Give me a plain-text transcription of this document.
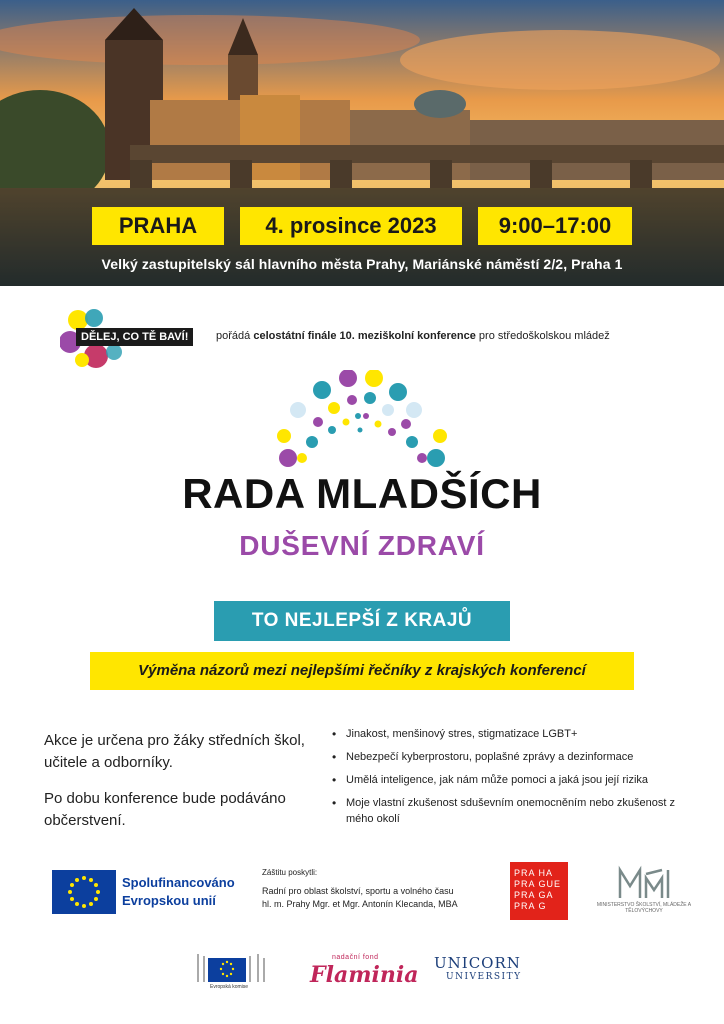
PRAHA	4. prosince 2023	9:00–17:00
Velký zastupitelský sál hlavního města Prahy, Mariánské náměstí 2/2, Praha 1
DĚLEJ, CO TĚ BAVÍ!	pořádá celostátní finále 10. meziškolní konference pro středoškolskou mládež
RADA MLADŠÍCH
DUŠEVNÍ ZDRAVÍ
TO NEJLEPŠÍ Z KRAJŮ
Výměna názorů mezi nejlepšími řečníky z krajských konferencí

Akce je určena pro žáky středních škol, učitele a odborníky.

Po dobu konference bude podáváno občerstvení.

• Jinakost, menšinový stres, stigmatizace LGBT+
• Nebezpečí kyberprostoru, poplašné zprávy a dezinformace
• Umělá inteligence, jak nám může pomoci a jaká jsou její rizika
• Moje vlastní zkušenost sduševním onemocněním nebo zkušenost z mého okolí
Spolufinancováno
Evropskou unií
Záštitu poskytli:
Radní pro oblast školství, sportu a volného času
hl. m. Prahy Mgr. et Mgr. Antonín Klecanda, MBA
PRA HA
PRA GUE
PRA GA
PRA G	MINISTERSTVO ŠKOLSTVÍ, MLÁDEŽE A TĚLOVÝCHOVY
Evropská komise
nadační fond
Flaminia UNICORN
UNIVERSITY
